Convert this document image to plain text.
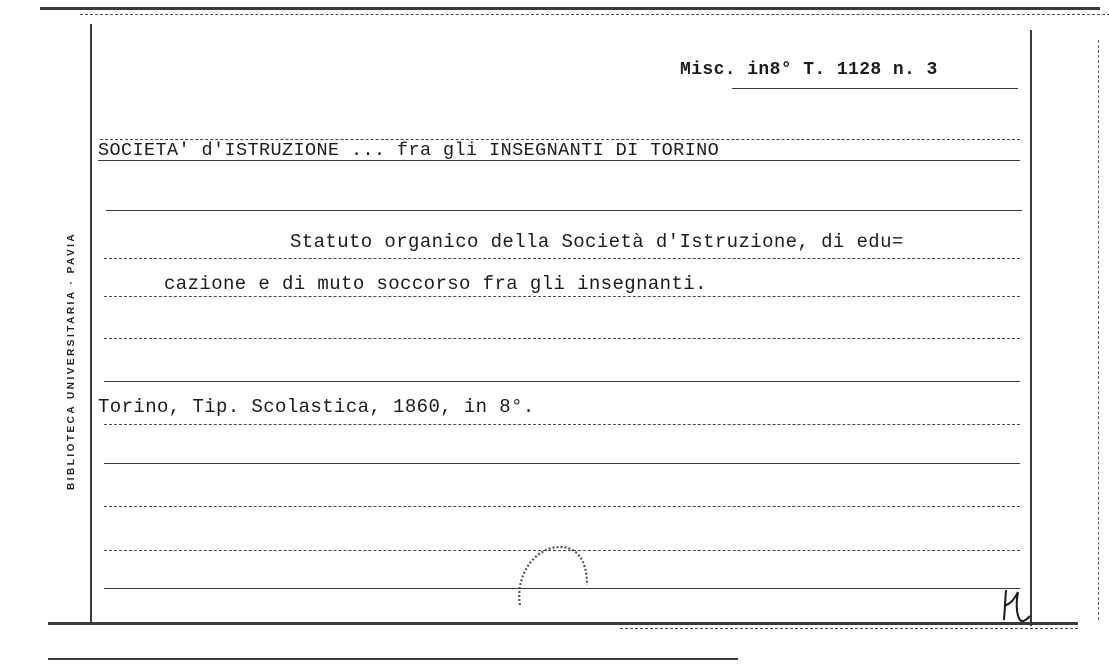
BIBLIOTECA UNIVERSITARIA · PAVIA
Misc. in8° T. 1128 n. 3
SOCIETA' d'ISTRUZIONE ... fra gli INSEGNANTI DI TORINO
Statuto organico della Società d'Istruzione, di edu=
cazione e di muto soccorso fra gli insegnanti.
Torino, Tip. Scolastica, 1860, in 8°.
